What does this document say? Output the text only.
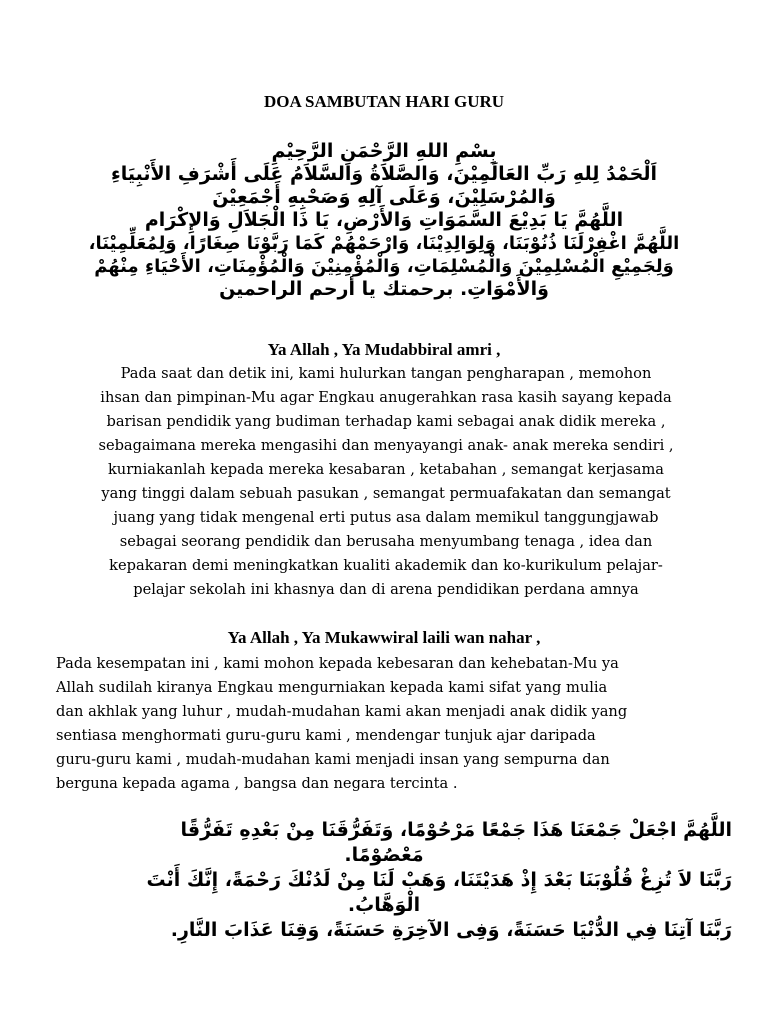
DOA SAMBUTAN HARI GURU
بِسْمِ اللهِ الرَّحْمَنِ الرَّحِيْمِ
اَلْحَمْدُ لِلهِ رَبِّ العَالَمِيْنَ، وَالصَّلاَةُ وَالسَّلاَمُ عَلَى أَشْرَفِ الأَنْبِيَاءِ
وَالمُرْسَلِيْنَ، وَعَلَى آلِهِ وَصَحْبِهِ أَجْمَعِيْنَ
اللَّهُمَّ يَا بَدِيْعَ السَّمَوَاتِ وَالأَرْضِ، يَا ذَا الْجَلاَلِ وَالإِكْرَام
اللَّهُمَّ اغْفِرْلَنَا ذُنُوْبَنَا، وَلِوَالِدِيْنَا، وَارْحَمْهُمْ كَمَا رَبَّوْنَا صِغَارًا، وَلِمُعَلِّمِيْنَا،
وَلِجَمِيْعِ الْمُسْلِمِيْنَ وَالْمُسْلِمَاتِ، وَالْمُؤْمِنِيْنَ وَالْمُؤْمِنَاتِ، الأَحْيَاءِ مِنْهُمْ
وَالأَمْوَاتِ. برحمتك يا أرحم الراحمين
Ya Allah , Ya Mudabbiral amri ,
Pada saat dan detik ini, kami hulurkan tangan pengharapan , memohon
ihsan dan pimpinan-Mu agar Engkau anugerahkan rasa kasih sayang kepada
barisan pendidik yang budiman terhadap kami sebagai anak didik mereka ,
sebagaimana mereka mengasihi dan menyayangi anak- anak mereka sendiri ,
kurniakanlah kepada mereka kesabaran , ketabahan , semangat kerjasama
yang tinggi dalam sebuah pasukan , semangat permuafakatan dan semangat
juang yang tidak mengenal erti putus asa dalam memikul tanggungjawab
sebagai seorang pendidik dan berusaha menyumbang tenaga , idea dan
kepakaran demi meningkatkan kualiti akademik dan ko-kurikulum pelajar-
pelajar sekolah ini khasnya dan di arena pendidikan perdana amnya
Ya Allah , Ya Mukawwiral laili wan nahar ,
Pada kesempatan ini , kami mohon kepada kebesaran dan kehebatan-Mu ya
Allah sudilah kiranya Engkau mengurniakan kepada kami sifat yang mulia
dan akhlak yang luhur , mudah-mudahan kami akan menjadi anak didik yang
sentiasa menghormati guru-guru kami , mendengar tunjuk ajar daripada
guru-guru kami , mudah-mudahan kami menjadi insan yang sempurna dan
berguna kepada agama , bangsa dan negara tercinta .
اللَّهُمَّ اجْعَلْ جَمْعَنَا هَذَا جَمْعًا مَرْحُوْمًا، وَتَفَرُّقَنَا مِنْ بَعْدِهِ تَفَرُّقًا
مَعْصُوْمًا.
رَبَّنَا لاَ تُزِغْ قُلُوْبَنَا بَعْدَ إِذْ هَدَيْتَنَا، وَهَبْ لَنَا مِنْ لَدُنْكَ رَحْمَةً، إِنَّكَ أَنْتَ
الْوَهَّابُ.
رَبَّنَا آتِنَا فِي الدُّنْيَا حَسَنَةً، وَفِى الآخِرَةِ حَسَنَةً، وَقِنَا عَذَابَ النَّارِ.
